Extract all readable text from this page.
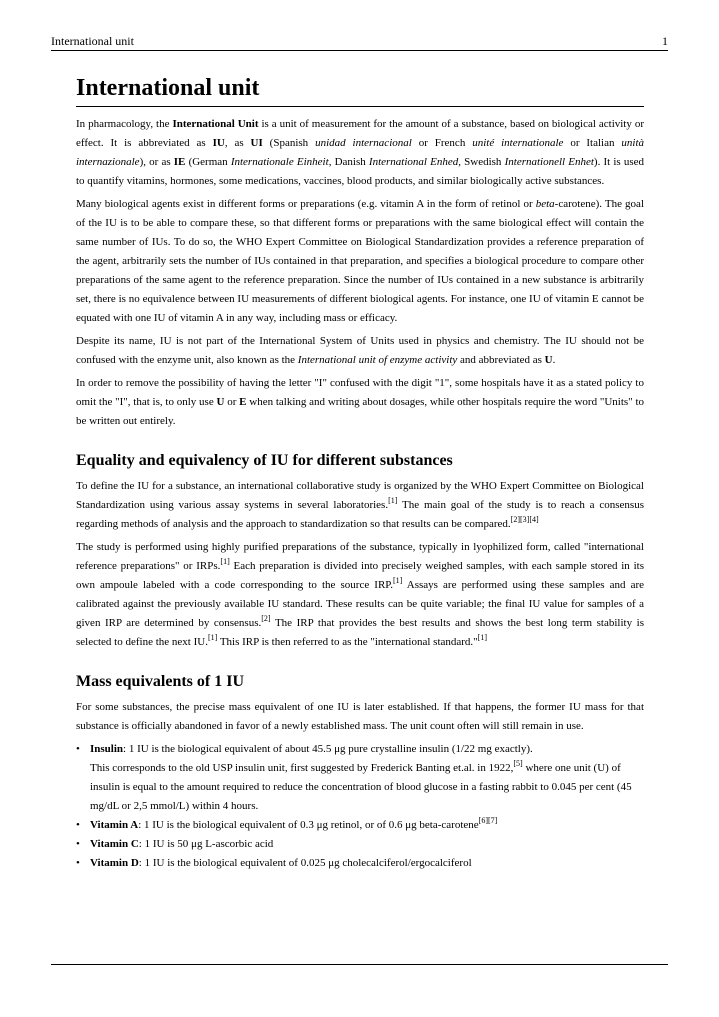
International unit	1
International unit

In pharmacology, the International Unit is a unit of measurement for the amount of a substance, based on biological activity or effect. It is abbreviated as IU, as UI (Spanish unidad internacional or French unité internationale or Italian unità internazionale), or as IE (German Internationale Einheit, Danish International Enhed, Swedish Internationell Enhet). It is used to quantify vitamins, hormones, some medications, vaccines, blood products, and similar biologically active substances.

Many biological agents exist in different forms or preparations (e.g. vitamin A in the form of retinol or beta-carotene). The goal of the IU is to be able to compare these, so that different forms or preparations with the same biological effect will contain the same number of IUs. To do so, the WHO Expert Committee on Biological Standardization provides a reference preparation of the agent, arbitrarily sets the number of IUs contained in that preparation, and specifies a biological procedure to compare other preparations of the same agent to the reference preparation. Since the number of IUs contained in a new substance is arbitrarily set, there is no equivalence between IU measurements of different biological agents. For instance, one IU of vitamin E cannot be equated with one IU of vitamin A in any way, including mass or efficacy.

Despite its name, IU is not part of the International System of Units used in physics and chemistry. The IU should not be confused with the enzyme unit, also known as the International unit of enzyme activity and abbreviated as U.

In order to remove the possibility of having the letter "I" confused with the digit "1", some hospitals have it as a stated policy to omit the "I", that is, to only use U or E when talking and writing about dosages, while other hospitals require the word "Units" to be written out entirely.

Equality and equivalency of IU for different substances

To define the IU for a substance, an international collaborative study is organized by the WHO Expert Committee on Biological Standardization using various assay systems in several laboratories.[1] The main goal of the study is to reach a consensus regarding methods of analysis and the approach to standardization so that results can be compared.[2][3][4]

The study is performed using highly purified preparations of the substance, typically in lyophilized form, called "international reference preparations" or IRPs.[1] Each preparation is divided into precisely weighed samples, with each sample stored in its own ampoule labeled with a code corresponding to the source IRP.[1] Assays are performed using these samples and are calibrated against the previously available IU standard. These results can be quite variable; the final IU value for samples of a given IRP are determined by consensus.[2] The IRP that provides the best results and shows the best long term stability is selected to define the next IU.[1] This IRP is then referred to as the "international standard."[1]

Mass equivalents of 1 IU

For some substances, the precise mass equivalent of one IU is later established. If that happens, the former IU mass for that substance is officially abandoned in favor of a newly established mass. The unit count often will still remain in use.

• Insulin: 1 IU is the biological equivalent of about 45.5 μg pure crystalline insulin (1/22 mg exactly).
This corresponds to the old USP insulin unit, first suggested by Frederick Banting et.al. in 1922,[5] where one unit (U) of insulin is equal to the amount required to reduce the concentration of blood glucose in a fasting rabbit to 0.045 per cent (45 mg/dL or 2,5 mmol/L) within 4 hours.
• Vitamin A: 1 IU is the biological equivalent of 0.3 μg retinol, or of 0.6 μg beta-carotene[6][7]
• Vitamin C: 1 IU is 50 μg L-ascorbic acid
• Vitamin D: 1 IU is the biological equivalent of 0.025 μg cholecalciferol/ergocalciferol
